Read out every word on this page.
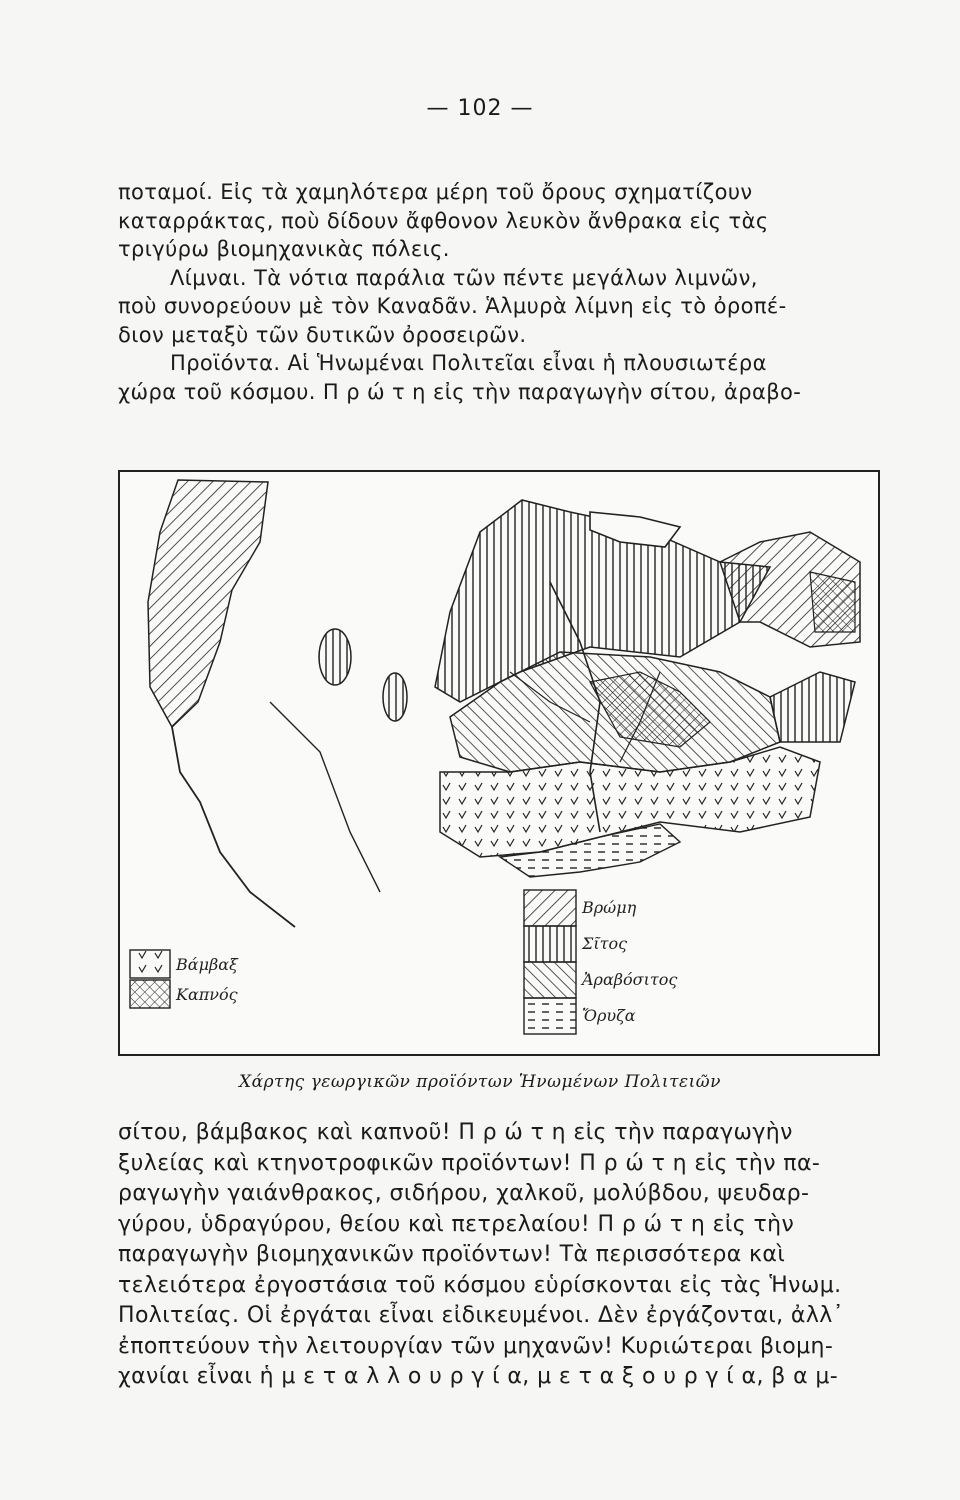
— 102 —
ποταμοί. Εἰς τὰ χαμηλότερα μέρη τοῦ ὄρους σχηματίζουν
καταρράκτας, ποὺ δίδουν ἄφθονον λευκὸν ἄνθρακα εἰς τὰς
τριγύρω βιομηχανικὰς πόλεις.
Λίμναι. Τὰ νότια παράλια τῶν πέντε μεγάλων λιμνῶν,
ποὺ συνορεύουν μὲ τὸν Καναδᾶν. Ἁλμυρὰ λίμνη εἰς τὸ ὀροπέ-
διον μεταξὺ τῶν δυτικῶν ὀροσειρῶν.
Προϊόντα. Αἱ Ἡνωμέναι Πολιτεῖαι εἶναι ἡ πλουσιωτέρα
χώρα τοῦ κόσμου. Π ρ ώ τ η εἰς τὴν παραγωγὴν σίτου, ἀραβο-
Βάμβαξ
Καπνός
Βρώμη
Σῖτος
Ἀραβόσιτος
Ὄρυζα
Χάρτης γεωργικῶν προϊόντων Ἡνωμένων Πολιτειῶν
σίτου, βάμβακος καὶ καπνοῦ! Π ρ ώ τ η εἰς τὴν παραγωγὴν
ξυλείας καὶ κτηνοτροφικῶν προϊόντων! Π ρ ώ τ η εἰς τὴν πα-
ραγωγὴν γαιάνθρακος, σιδήρου, χαλκοῦ, μολύβδου, ψευδαρ-
γύρου, ὑδραγύρου, θείου καὶ πετρελαίου! Π ρ ώ τ η εἰς τὴν
παραγωγὴν βιομηχανικῶν προϊόντων! Τὰ περισσότερα καὶ
τελειότερα ἐργοστάσια τοῦ κόσμου εὑρίσκονται εἰς τὰς Ἡνωμ.
Πολιτείας. Οἱ ἐργάται εἶναι εἰδικευμένοι. Δὲν ἐργάζονται, ἀλλ᾽
ἐποπτεύουν τὴν λειτουργίαν τῶν μηχανῶν! Κυριώτεραι βιομη-
χανίαι εἶναι ἡ μ ε τ α λ λ ο υ ρ γ ί α, μ ε τ α ξ ο υ ρ γ ί α, β α μ-
